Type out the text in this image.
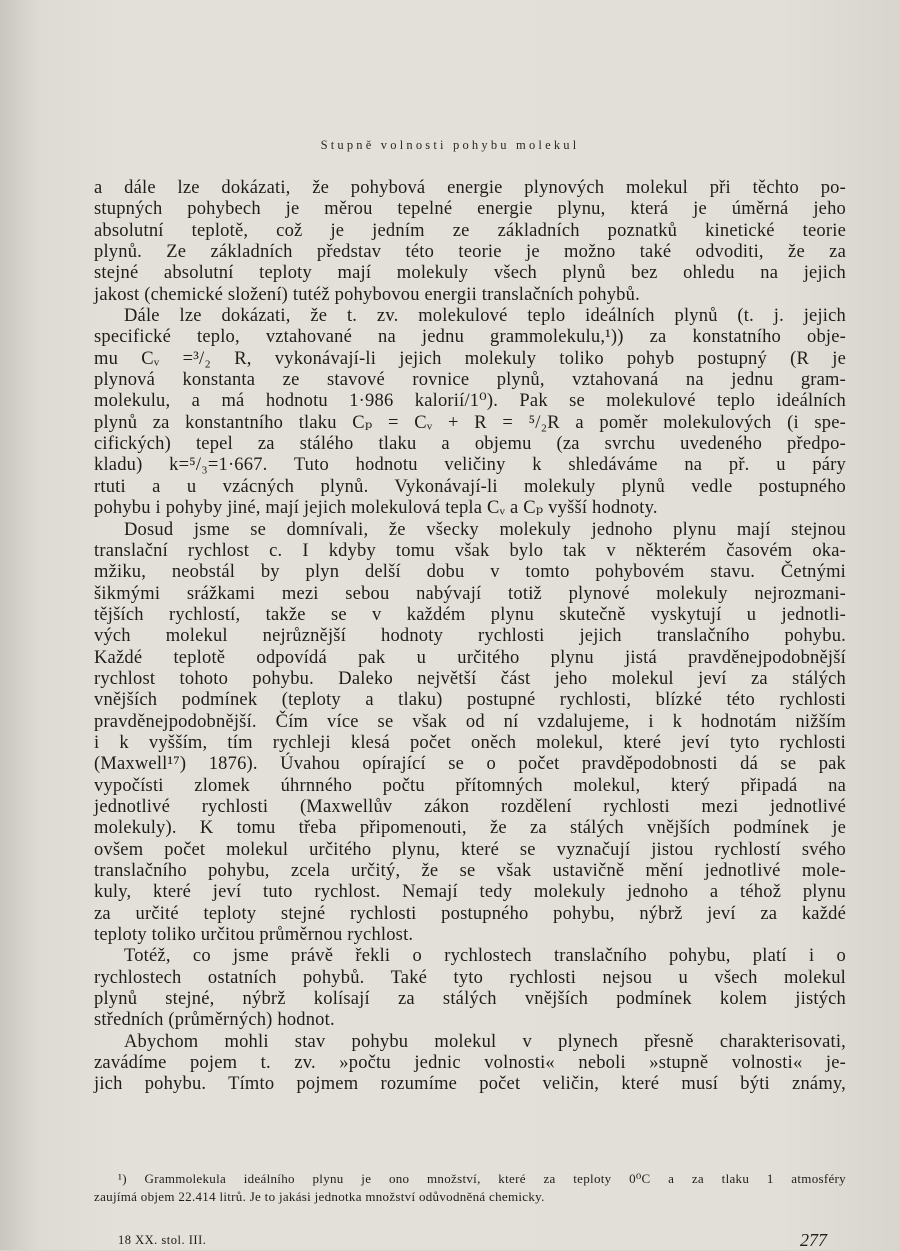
Stupně volnosti pohybu molekul
a dále lze dokázati, že pohybová energie plynových molekul při těchto po-
stupných pohybech je měrou tepelné energie plynu, která je úměrná jeho
absolutní teplotě, což je jedním ze základních poznatků kinetické teorie
plynů. Ze základních představ této teorie je možno také odvoditi, že za
stejné absolutní teploty mají molekuly všech plynů bez ohledu na jejich
jakost (chemické složení) tutéž pohybovou energii translačních pohybů.
Dále lze dokázati, že t. zv. molekulové teplo ideálních plynů (t. j. jejich
specifické teplo, vztahované na jednu grammolekulu,¹)) za konstatního obje-
mu Cᵥ =³/₂ R, vykonávají-li jejich molekuly toliko pohyb postupný (R je
plynová konstanta ze stavové rovnice plynů, vztahovaná na jednu gram-
molekulu, a má hodnotu 1·986 kalorií/1⁰). Pak se molekulové teplo ideálních
plynů za konstantního tlaku Cₚ = Cᵥ + R = ⁵/₂R a poměr molekulových (i spe-
cifických) tepel za stálého tlaku a objemu (za svrchu uvedeného předpo-
kladu) k=⁵/₃=1·667. Tuto hodnotu veličiny k shledáváme na př. u páry
rtuti a u vzácných plynů. Vykonávají-li molekuly plynů vedle postupného
pohybu i pohyby jiné, mají jejich molekulová tepla Cᵥ a Cₚ vyšší hodnoty.
Dosud jsme se domnívali, že všecky molekuly jednoho plynu mají stejnou
translační rychlost c. I kdyby tomu však bylo tak v některém časovém oka-
mžiku, neobstál by plyn delší dobu v tomto pohybovém stavu. Četnými
šikmými srážkami mezi sebou nabývají totiž plynové molekuly nejrozmani-
tějších rychlostí, takže se v každém plynu skutečně vyskytují u jednotli-
vých molekul nejrůznější hodnoty rychlosti jejich translačního pohybu.
Každé teplotě odpovídá pak u určitého plynu jistá pravděnejpodobnější
rychlost tohoto pohybu. Daleko největší část jeho molekul jeví za stálých
vnějších podmínek (teploty a tlaku) postupné rychlosti, blízké této rychlosti
pravděnejpodobnější. Čím více se však od ní vzdalujeme, i k hodnotám nižším
i k vyšším, tím rychleji klesá počet oněch molekul, které jeví tyto rychlosti
(Maxwell¹⁷) 1876). Úvahou opírající se o počet pravděpodobnosti dá se pak
vypočísti zlomek úhrnného počtu přítomných molekul, který připadá na
jednotlivé rychlosti (Maxwellův zákon rozdělení rychlosti mezi jednotlivé
molekuly). K tomu třeba připomenouti, že za stálých vnějších podmínek je
ovšem počet molekul určitého plynu, které se vyznačují jistou rychlostí svého
translačního pohybu, zcela určitý, že se však ustavičně mění jednotlivé mole-
kuly, které jeví tuto rychlost. Nemají tedy molekuly jednoho a téhož plynu
za určité teploty stejné rychlosti postupného pohybu, nýbrž jeví za každé
teploty toliko určitou průměrnou rychlost.
Totéž, co jsme právě řekli o rychlostech translačního pohybu, platí i o
rychlostech ostatních pohybů. Také tyto rychlosti nejsou u všech molekul
plynů stejné, nýbrž kolísají za stálých vnějších podmínek kolem jistých
středních (průměrných) hodnot.
Abychom mohli stav pohybu molekul v plynech přesně charakterisovati,
zavádíme pojem t. zv. »počtu jednic volnosti« neboli »stupně volnosti« je-
jich pohybu. Tímto pojmem rozumíme počet veličin, které musí býti známy,
¹) Grammolekula ideálního plynu je ono množství, které za teploty 0⁰C a za tlaku 1 atmosféry
zaujímá objem 22.414 litrů. Je to jakási jednotka množství odůvodněná chemicky.
18 XX. stol. III.	277
